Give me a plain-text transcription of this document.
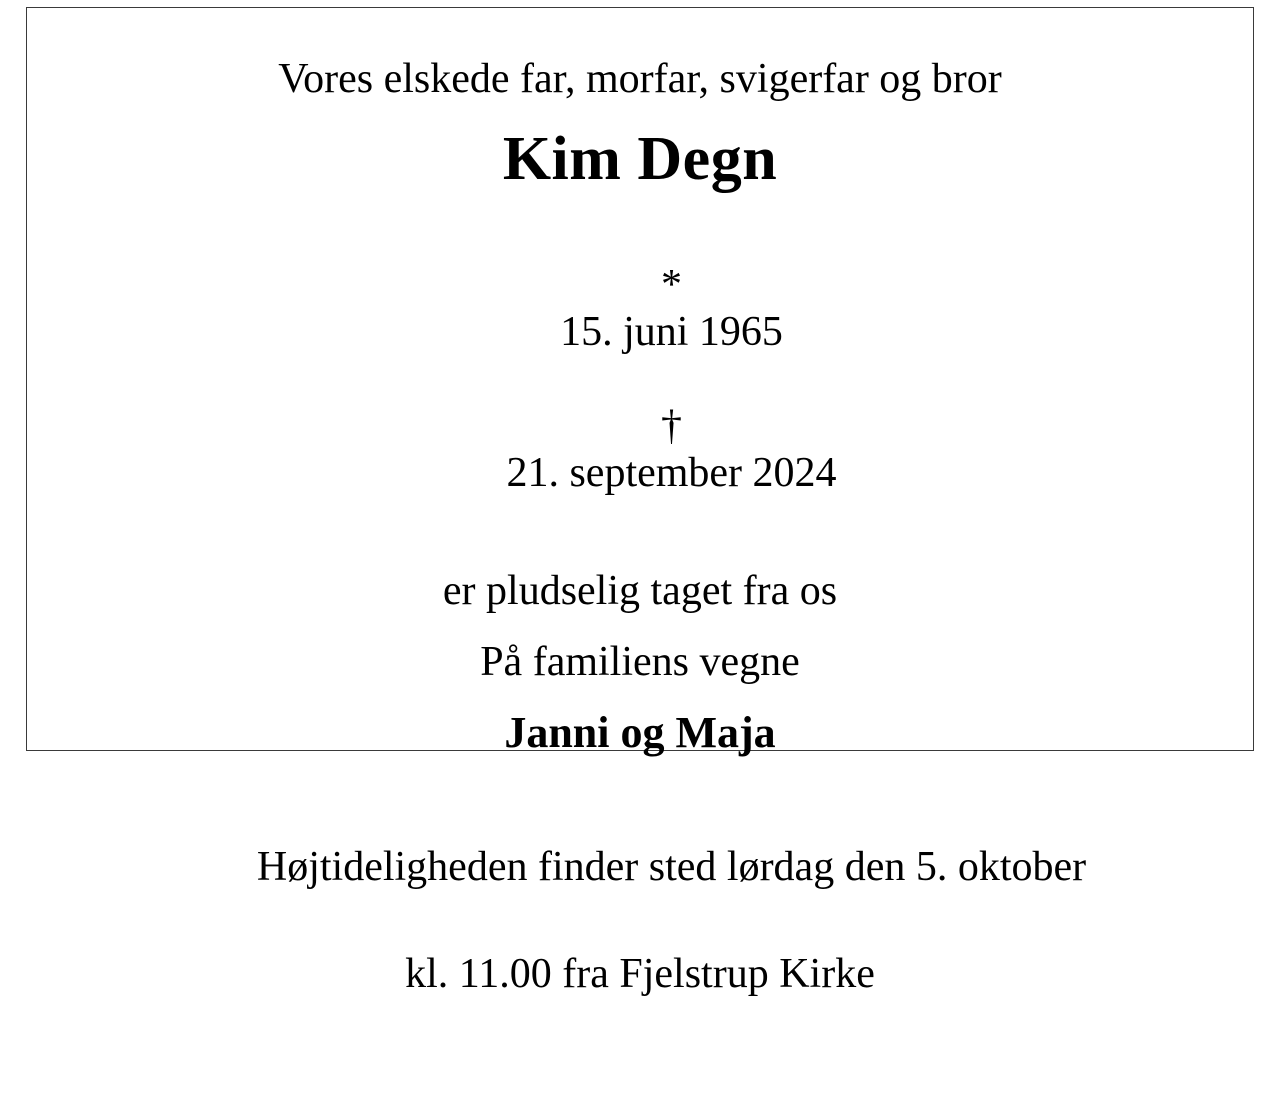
Vores elskede far, morfar, svigerfar og bror
Kim Degn

*
15. juni 1965

†
21. september 2024

er pludselig taget fra os
På familiens vegne
Janni og Maja

Højtideligheden finder sted lørdag den 5. oktober

kl. 11.00 fra Fjelstrup Kirke
